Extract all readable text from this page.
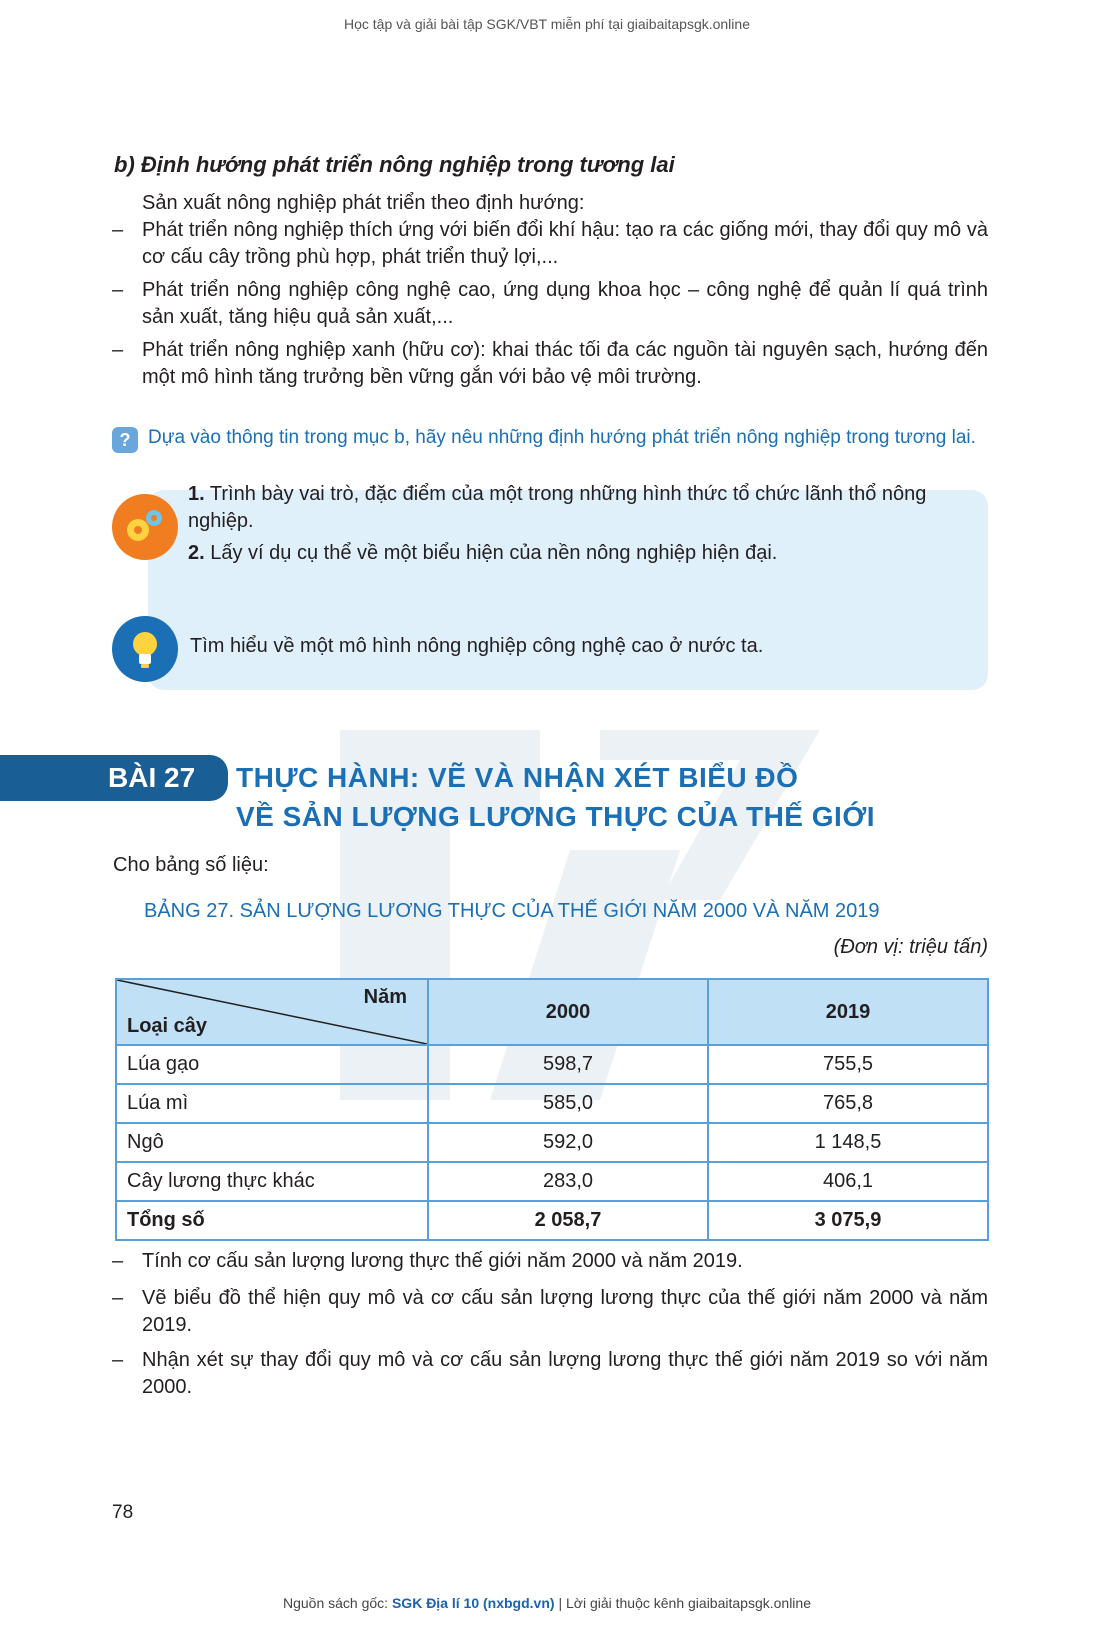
Học tập và giải bài tập SGK/VBT miễn phí tại giaibaitapsgk.online
b) Định hướng phát triển nông nghiệp trong tương lai
Sản xuất nông nghiệp phát triển theo định hướng:
– Phát triển nông nghiệp thích ứng với biến đổi khí hậu: tạo ra các giống mới, thay đổi quy mô và cơ cấu cây trồng phù hợp, phát triển thuỷ lợi,...
– Phát triển nông nghiệp công nghệ cao, ứng dụng khoa học – công nghệ để quản lí quá trình sản xuất, tăng hiệu quả sản xuất,...
– Phát triển nông nghiệp xanh (hữu cơ): khai thác tối đa các nguồn tài nguyên sạch, hướng đến một mô hình tăng trưởng bền vững gắn với bảo vệ môi trường.
? Dựa vào thông tin trong mục b, hãy nêu những định hướng phát triển nông nghiệp trong tương lai.
1. Trình bày vai trò, đặc điểm của một trong những hình thức tổ chức lãnh thổ nông nghiệp.
2. Lấy ví dụ cụ thể về một biểu hiện của nền nông nghiệp hiện đại.
Tìm hiểu về một mô hình nông nghiệp công nghệ cao ở nước ta.
BÀI 27	THỰC HÀNH: VẼ VÀ NHẬN XÉT BIỂU ĐỒ
VỀ SẢN LƯỢNG LƯƠNG THỰC CỦA THẾ GIỚI
Cho bảng số liệu:
BẢNG 27. SẢN LƯỢNG LƯƠNG THỰC CỦA THẾ GIỚI NĂM 2000 VÀ NĂM 2019
(Đơn vị: triệu tấn)
Năm
Loại cây	2000	2019
Lúa gạo	598,7	755,5
Lúa mì	585,0	765,8
Ngô	592,0	1 148,5
Cây lương thực khác	283,0	406,1
Tổng số	2 058,7	3 075,9
– Tính cơ cấu sản lượng lương thực thế giới năm 2000 và năm 2019.
– Vẽ biểu đồ thể hiện quy mô và cơ cấu sản lượng lương thực của thế giới năm 2000 và năm 2019.
– Nhận xét sự thay đổi quy mô và cơ cấu sản lượng lương thực thế giới năm 2019 so với năm 2000.
78
Nguồn sách gốc: SGK Địa lí 10 (nxbgd.vn) | Lời giải thuộc kênh giaibaitapsgk.online
